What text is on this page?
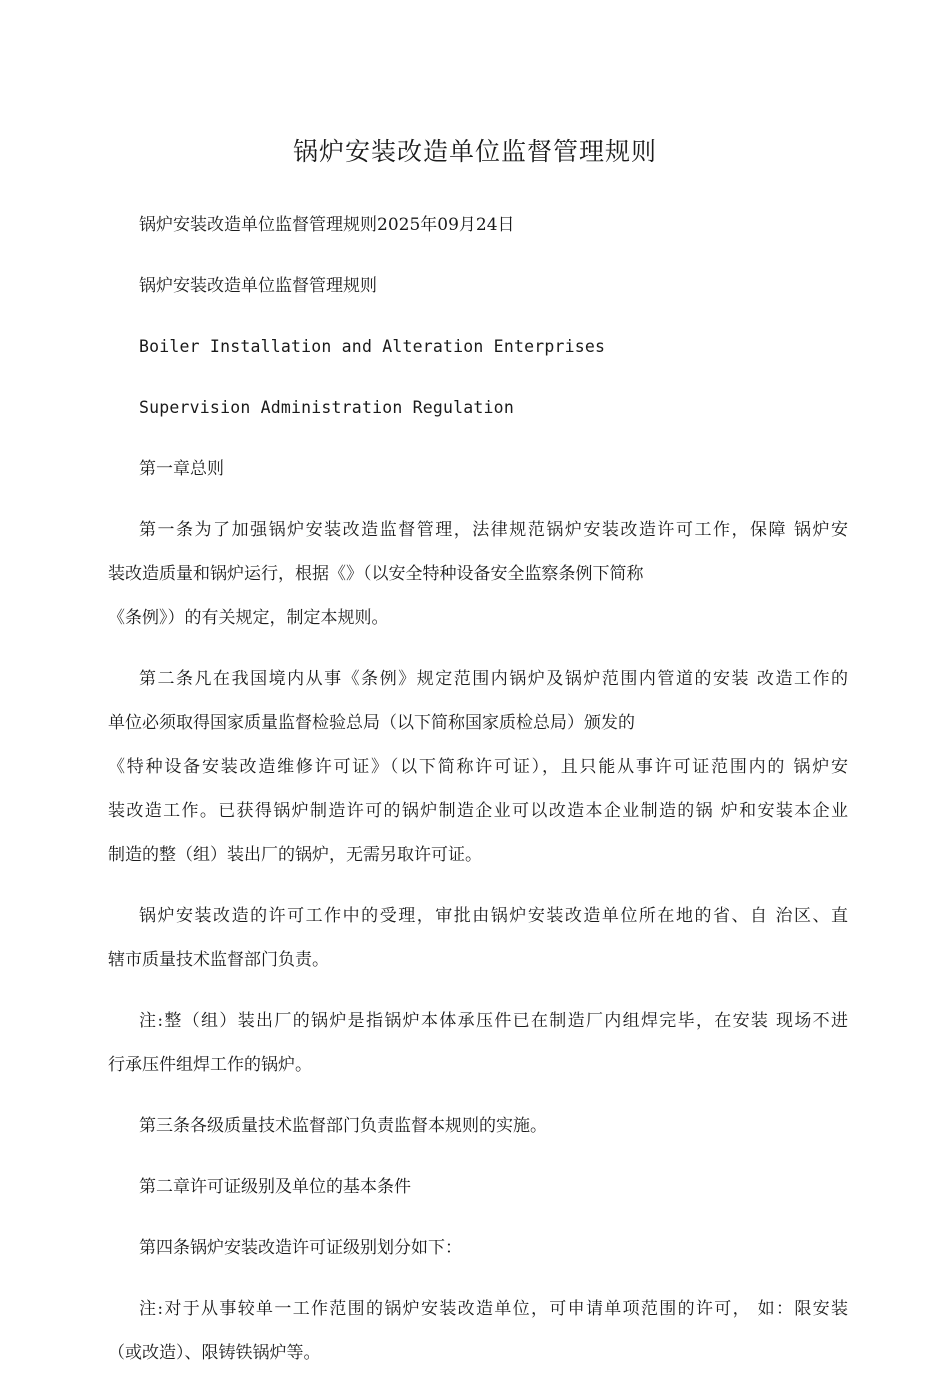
锅炉安装改造单位监督管理规则
锅炉安装改造单位监督管理规则2025年09月24日
锅炉安装改造单位监督管理规则
Boiler Installation and Alteration Enterprises
Supervision Administration Regulation
第一章总则
第一条为了加强锅炉安装改造监督管理，法律规范锅炉安装改造许可工作，保障 锅炉安
装改造质量和锅炉运行，根据《》（以安全特种设备安全监察条例下简称
《条例》）的有关规定，制定本规则。
第二条凡在我国境内从事《条例》规定范围内锅炉及锅炉范围内管道的安装 改造工作的
单位必须取得国家质量监督检验总局（以下简称国家质检总局）颁发的
《特种设备安装改造维修许可证》（以下简称许可证），且只能从事许可证范围内的 锅炉安
装改造工作。已获得锅炉制造许可的锅炉制造企业可以改造本企业制造的锅 炉和安装本企业
制造的整（组）装出厂的锅炉，无需另取许可证。
锅炉安装改造的许可工作中的受理，审批由锅炉安装改造单位所在地的省、自 治区、直
辖市质量技术监督部门负责。
注:整（组）装出厂的锅炉是指锅炉本体承压件已在制造厂内组焊完毕，在安装 现场不进
行承压件组焊工作的锅炉。
第三条各级质量技术监督部门负责监督本规则的实施。
第二章许可证级别及单位的基本条件
第四条锅炉安装改造许可证级别划分如下：
注:对于从事较单一工作范围的锅炉安装改造单位，可申请单项范围的许可， 如：限安装
（或改造）、限铸铁锅炉等。
